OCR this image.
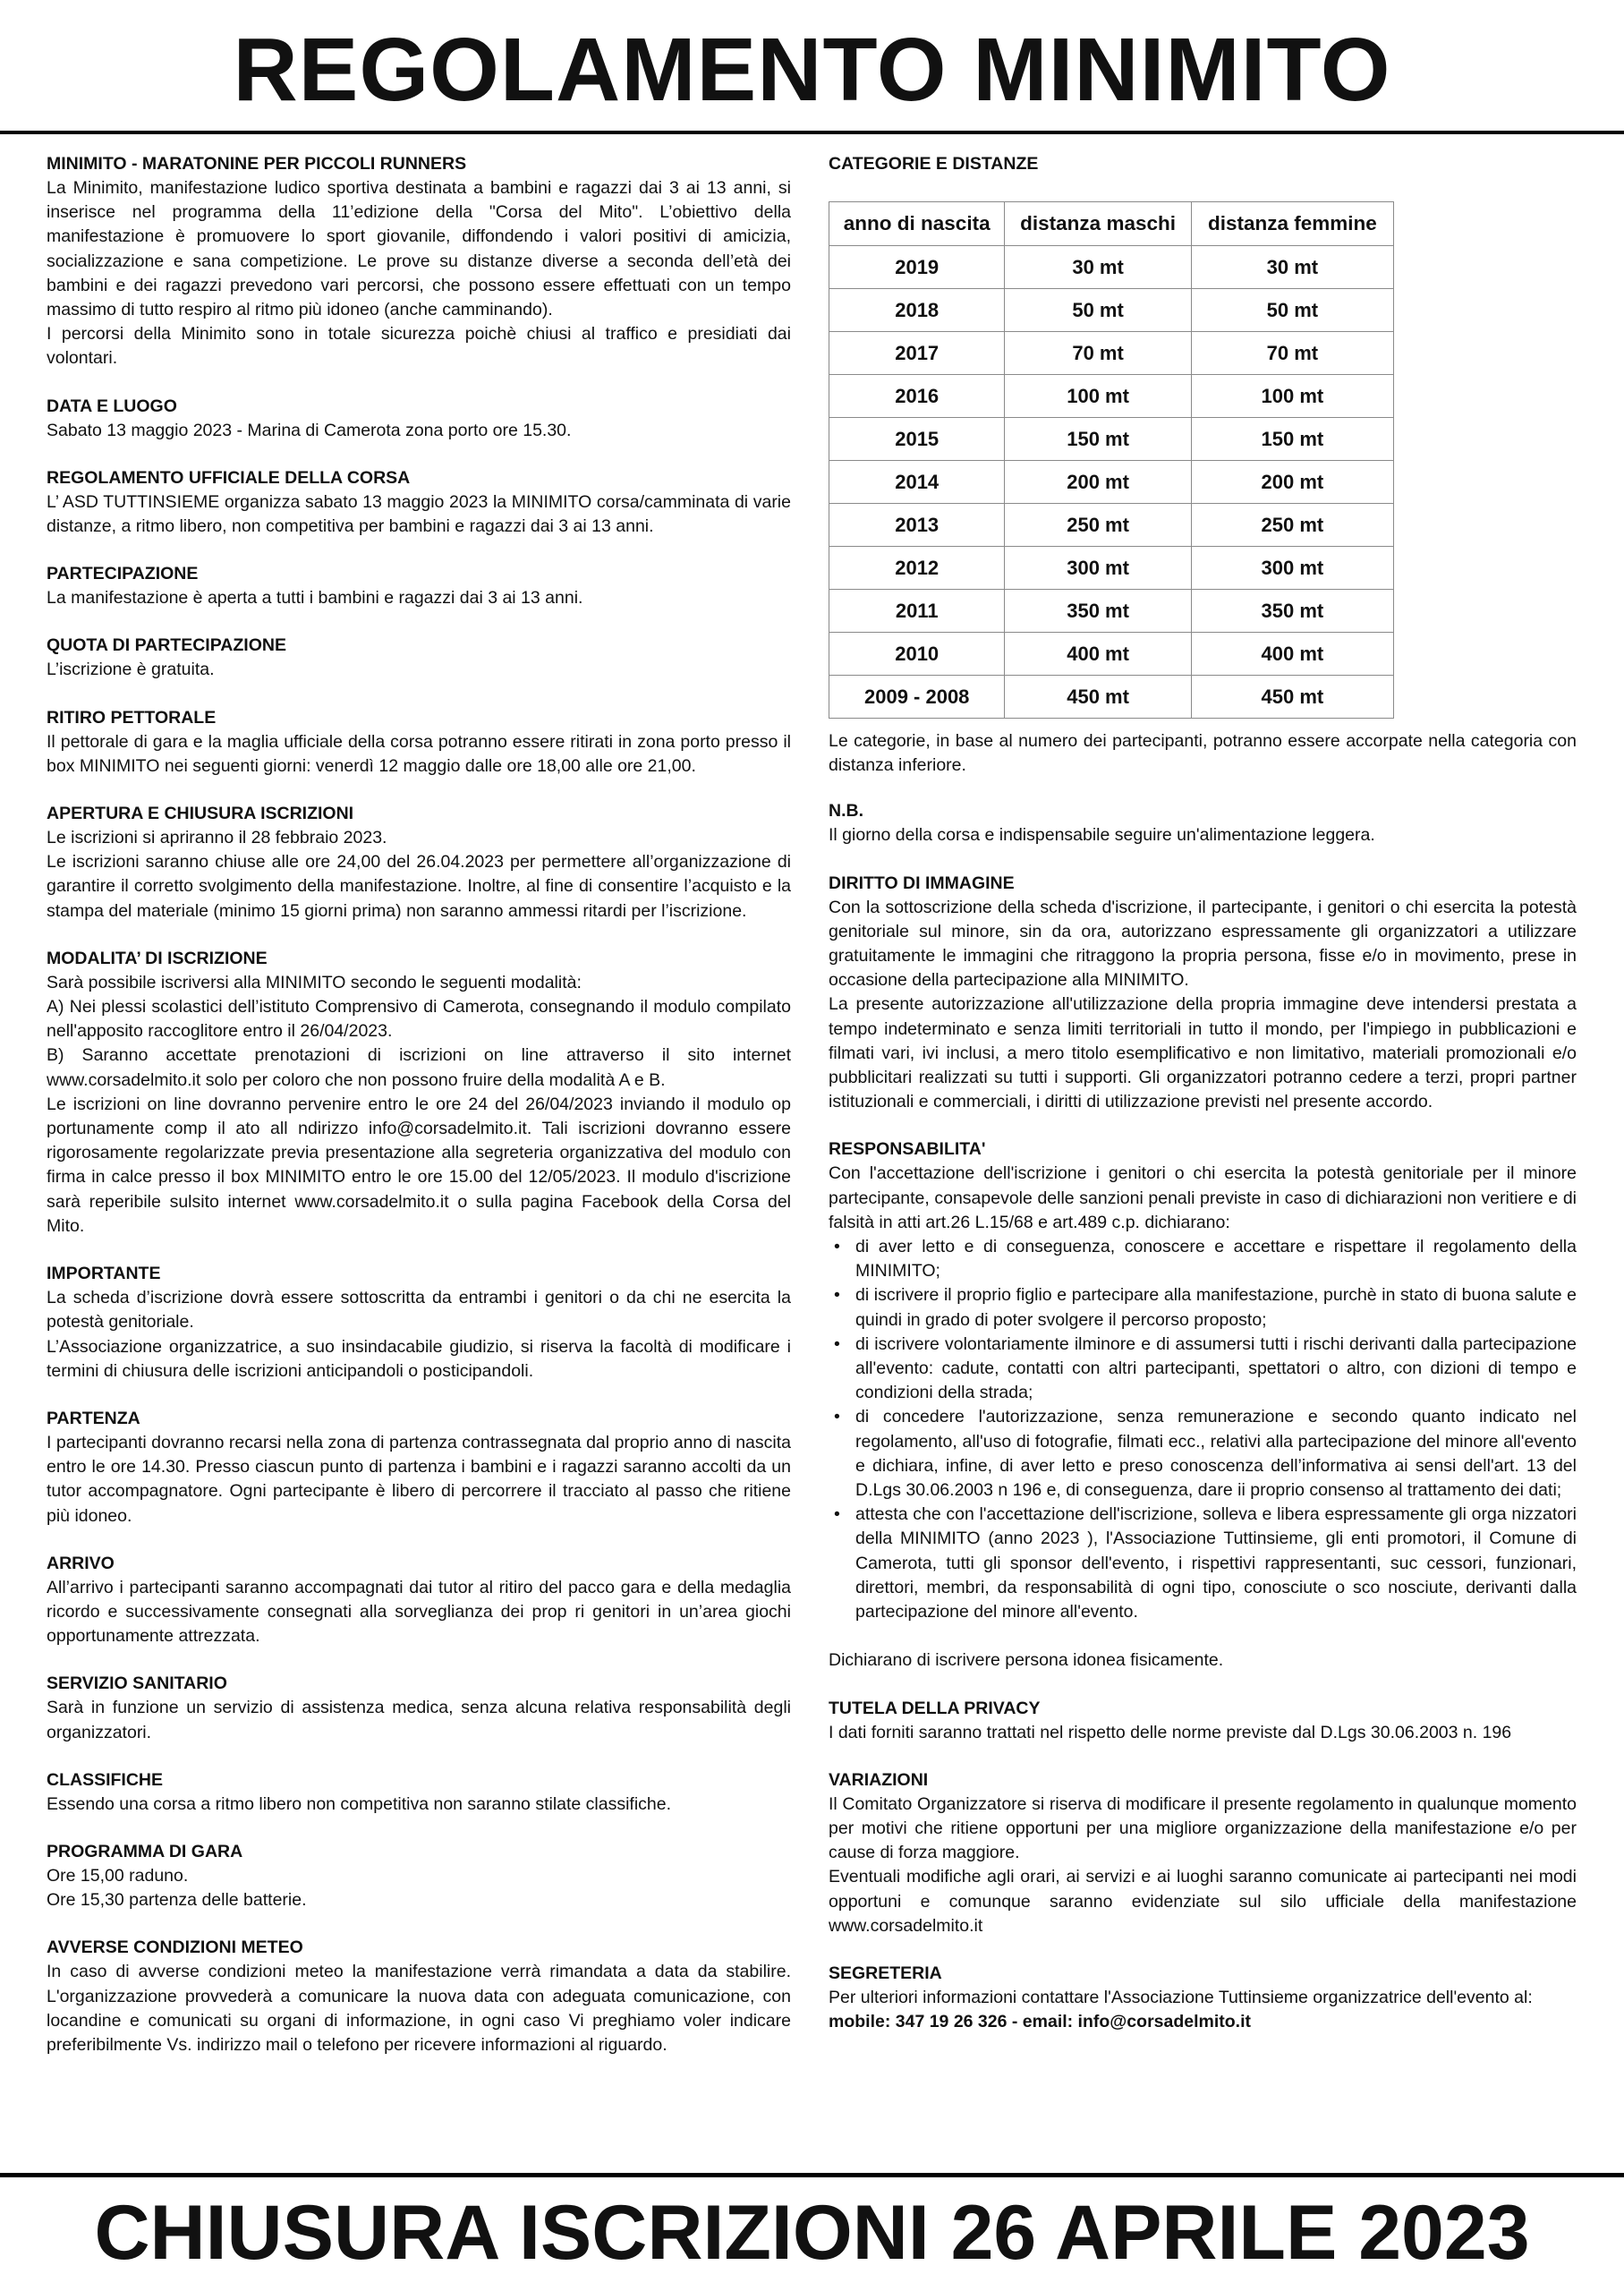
REGOLAMENTO MINIMITO
MINIMITO - MARATONINE PER PICCOLI RUNNERS

La Minimito, manifestazione ludico sportiva destinata a bambini e ragazzi dai 3 ai 13 anni, si inserisce nel programma della 11’edizione della "Corsa del Mito". L’obiettivo della manifestazione è promuovere lo sport giovanile, diffondendo i valori positivi di amicizia, socializzazione e sana competizione. Le prove su distanze diverse a seconda dell’età dei bambini e dei ragazzi prevedono vari percorsi, che possono essere effettuati con un tempo massimo di tutto respiro al ritmo più idoneo (anche camminando).

I percorsi della Minimito sono in totale sicurezza poichè chiusi al traffico e presidiati dai volontari.

DATA E LUOGO

Sabato 13 maggio 2023 - Marina di Camerota zona porto ore 15.30.

REGOLAMENTO UFFICIALE DELLA CORSA

L’ ASD TUTTINSIEME organizza sabato 13 maggio 2023 la MINIMITO corsa/camminata di varie distanze, a ritmo libero, non competitiva per bambini e ragazzi dai 3 ai 13 anni.

PARTECIPAZIONE

La manifestazione è aperta a tutti i bambini e ragazzi dai 3 ai 13 anni.

QUOTA DI PARTECIPAZIONE

L’iscrizione è gratuita.

RITIRO PETTORALE

Il pettorale di gara e la maglia ufficiale della corsa potranno essere ritirati in zona porto presso il box MINIMITO nei seguenti giorni: venerdì 12 maggio dalle ore 18,00 alle ore 21,00.

APERTURA E CHIUSURA ISCRIZIONI

Le iscrizioni si apriranno il 28 febbraio 2023.

Le iscrizioni saranno chiuse alle ore 24,00 del 26.04.2023 per permettere all’organizzazione di garantire il corretto svolgimento della manifestazione. Inoltre, al fine di consentire l’acquisto e la stampa del materiale (minimo 15 giorni prima) non saranno ammessi ritardi per l’iscrizione.

MODALITA’ DI ISCRIZIONE

Sarà possibile iscriversi alla MINIMITO secondo le seguenti modalità:

A) Nei plessi scolastici dell’istituto Comprensivo di Camerota, consegnando il modulo compilato nell'apposito raccoglitore entro il 26/04/2023.

B) Saranno accettate prenotazioni di iscrizioni on line attraverso il sito internet www.corsadelmito.it solo per coloro che non possono fruire della modalità A e B.

Le iscrizioni on line dovranno pervenire entro le ore 24 del 26/04/2023 inviando il modulo op portunamente comp il ato all ndirizzo info@corsadelmito.it. Tali iscrizioni dovranno essere rigorosamente regolarizzate previa presentazione alla segreteria organizzativa del modulo con firma in calce presso il box MINIMITO entro le ore 15.00 del 12/05/2023. Il modulo d'iscrizione sarà reperibile sulsito internet www.corsadelmito.it o sulla pagina Facebook della Corsa del Mito.

IMPORTANTE

La scheda d’iscrizione dovrà essere sottoscritta da entrambi i genitori o da chi ne esercita la potestà genitoriale.

L’Associazione organizzatrice, a suo insindacabile giudizio, si riserva la facoltà di modificare i termini di chiusura delle iscrizioni anticipandoli o posticipandoli.

PARTENZA

I partecipanti dovranno recarsi nella zona di partenza contrassegnata dal proprio anno di nascita entro le ore 14.30. Presso ciascun punto di partenza i bambini e i ragazzi saranno accolti da un tutor accompagnatore. Ogni partecipante è libero di percorrere il tracciato al passo che ritiene più idoneo.

ARRIVO

All’arrivo i partecipanti saranno accompagnati dai tutor al ritiro del pacco gara e della medaglia ricordo e successivamente consegnati alla sorveglianza dei prop ri genitori in un’area giochi opportunamente attrezzata.

SERVIZIO SANITARIO

Sarà in funzione un servizio di assistenza medica, senza alcuna relativa responsabilità degli organizzatori.

CLASSIFICHE

Essendo una corsa a ritmo libero non competitiva non saranno stilate classifiche.

PROGRAMMA DI GARA

Ore 15,00 raduno.

Ore 15,30 partenza delle batterie.

AVVERSE CONDIZIONI METEO

In caso di avverse condizioni meteo la manifestazione verrà rimandata a data da stabilire. L'organizzazione provvederà a comunicare la nuova data con adeguata comunicazione, con locandine e comunicati su organi di informazione, in ogni caso Vi preghiamo voler indicare preferibilmente Vs. indirizzo mail o telefono per ricevere informazioni al riguardo.

CATEGORIE E DISTANZE
anno di nascita	distanza maschi	distanza femmine
2019	30 mt	30 mt
2018	50 mt	50 mt
2017	70 mt	70 mt
2016	100 mt	100 mt
2015	150 mt	150 mt
2014	200 mt	200 mt
2013	250 mt	250 mt
2012	300 mt	300 mt
2011	350 mt	350 mt
2010	400 mt	400 mt
2009 - 2008	450 mt	450 mt

Le categorie, in base al numero dei partecipanti, potranno essere accorpate nella categoria con distanza inferiore.

N.B.

Il giorno della corsa e indispensabile seguire un'alimentazione leggera.

DIRITTO DI IMMAGINE

Con la sottoscrizione della scheda d'iscrizione, il partecipante, i genitori o chi esercita la potestà genitoriale sul minore, sin da ora, autorizzano espressamente gli organizzatori a utilizzare gratuitamente le immagini che ritraggono la propria persona, fisse e/o in movimento, prese in occasione della partecipazione alla MINIMITO.

La presente autorizzazione all'utilizzazione della propria immagine deve intendersi prestata a tempo indeterminato e senza limiti territoriali in tutto il mondo, per l'impiego in pubblicazioni e filmati vari, ivi inclusi, a mero titolo esemplificativo e non limitativo, materiali promozionali e/o pubblicitari realizzati su tutti i supporti. Gli organizzatori potranno cedere a terzi, propri partner istituzionali e commerciali, i diritti di utilizzazione previsti nel presente accordo.

RESPONSABILITA'

Con l'accettazione dell'iscrizione i genitori o chi esercita la potestà genitoriale per il minore partecipante, consapevole delle sanzioni penali previste in caso di dichiarazioni non veritiere e di falsità in atti art.26 L.15/68 e art.489 c.p. dichiarano:

• di aver letto e di conseguenza, conoscere e accettare e rispettare il regolamento della MINIMITO;
• di iscrivere il proprio figlio e partecipare alla manifestazione, purchè in stato di buona salute e quindi in grado di poter svolgere il percorso proposto;
• di iscrivere volontariamente ilminore e di assumersi tutti i rischi derivanti dalla partecipazione all'evento: cadute, contatti con altri partecipanti, spettatori o altro, con dizioni di tempo e condizioni della strada;
• di concedere l'autorizzazione, senza remunerazione e secondo quanto indicato nel regolamento, all'uso di fotografie, filmati ecc., relativi alla partecipazione del minore all'evento e dichiara, infine, di aver letto e preso conoscenza dell’informativa ai sensi dell'art. 13 del D.Lgs 30.06.2003 n 196 e, di conseguenza, dare ii proprio consenso al trattamento dei dati;
• attesta che con l'accettazione dell'iscrizione, solleva e libera espressamente gli orga nizzatori della MINIMITO (anno 2023 ), l'Associazione Tuttinsieme, gli enti promotori, il Comune di Camerota, tutti gli sponsor dell'evento, i rispettivi rappresentanti, suc cessori, funzionari, direttori, membri, da responsabilità di ogni tipo, conosciute o sco nosciute, derivanti dalla partecipazione del minore all'evento.

Dichiarano di iscrivere persona idonea fisicamente.

TUTELA DELLA PRIVACY

I dati forniti saranno trattati nel rispetto delle norme previste dal D.Lgs 30.06.2003 n. 196

VARIAZIONI

Il Comitato Organizzatore si riserva di modificare il presente regolamento in qualunque momento per motivi che ritiene opportuni per una migliore organizzazione della manifestazione e/o per cause di forza maggiore.

Eventuali modifiche agli orari, ai servizi e ai luoghi saranno comunicate ai partecipanti nei modi opportuni e comunque saranno evidenziate sul silo ufficiale della manifestazione www.corsadelmito.it

SEGRETERIA

Per ulteriori informazioni contattare l'Associazione Tuttinsieme organizzatrice dell'evento al:

mobile: 347 19 26 326 - email: info@corsadelmito.it

CHIUSURA ISCRIZIONI 26 APRILE 2023
